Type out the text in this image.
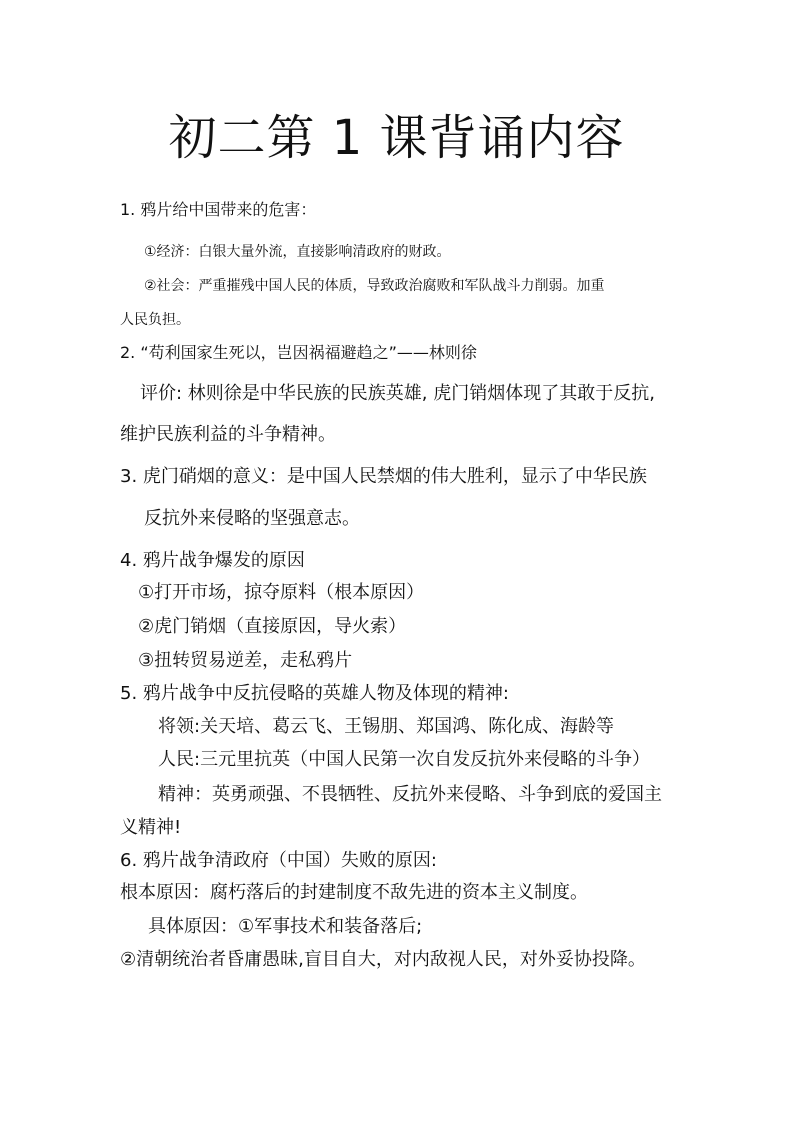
初二第 1 课背诵内容

1. 鸦片给中国带来的危害：

①经济：白银大量外流，直接影响清政府的财政。

②社会：严重摧残中国人民的体质，导致政治腐败和军队战斗力削弱。加重

人民负担。

2. “苟利国家生死以，岂因祸福避趋之”——林则徐

评价: 林则徐是中华民族的民族英雄, 虎门销烟体现了其敢于反抗,

维护民族利益的斗争精神。

3. 虎门硝烟的意义：是中国人民禁烟的伟大胜利，显示了中华民族

反抗外来侵略的坚强意志。

4. 鸦片战争爆发的原因

①打开市场，掠夺原料（根本原因）

②虎门销烟（直接原因，导火索）

③扭转贸易逆差，走私鸦片

5. 鸦片战争中反抗侵略的英雄人物及体现的精神:

将领:关天培、葛云飞、王锡朋、郑国鸿、陈化成、海龄等

人民:三元里抗英（中国人民第一次自发反抗外来侵略的斗争）

精神：英勇顽强、不畏牺牲、反抗外来侵略、斗争到底的爱国主

义精神!

6. 鸦片战争清政府（中国）失败的原因:

根本原因：腐朽落后的封建制度不敌先进的资本主义制度。

具体原因：①军事技术和装备落后;

②清朝统治者昏庸愚昧,盲目自大，对内敌视人民，对外妥协投降。
